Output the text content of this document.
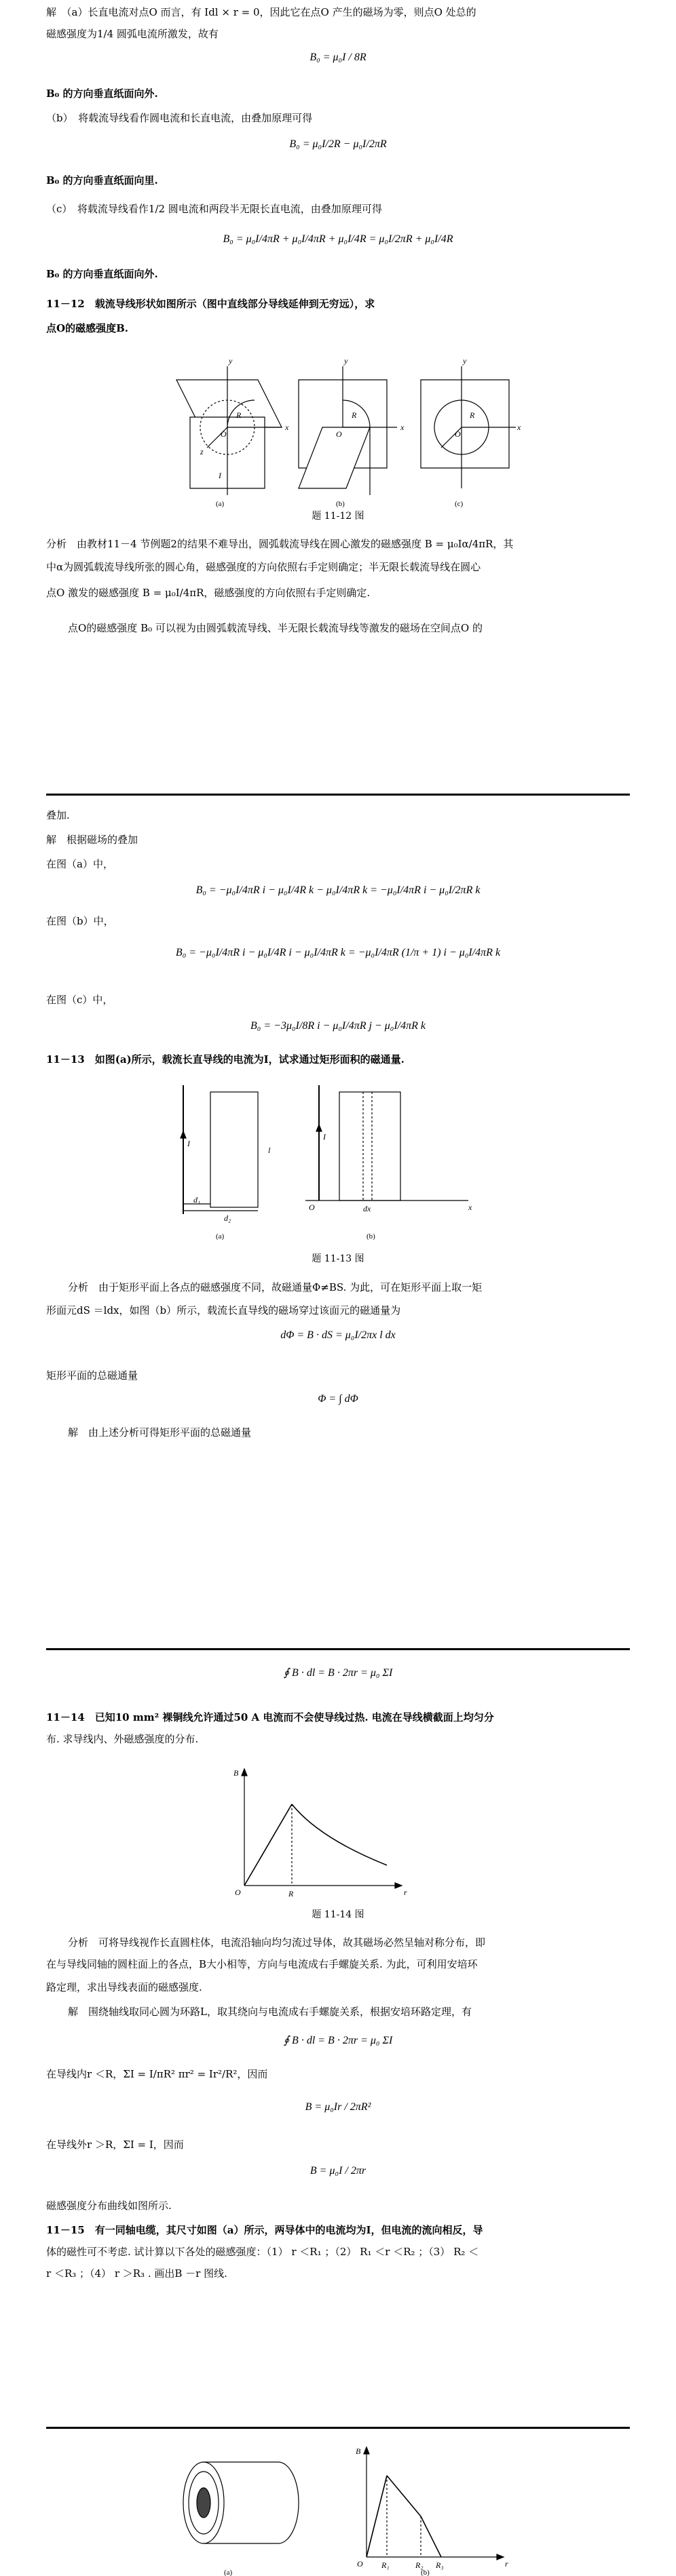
解　（a）长直电流对点O 而言，有 Idl × r = 0，因此它在点O 产生的磁场为零，则点O 处总的
磁感强度为1/4 圆弧电流所激发，故有
B₀ = μ₀I / 8R
B₀ 的方向垂直纸面向外.
（b）　将载流导线看作圆电流和长直电流，由叠加原理可得
B₀ = μ₀I/2R − μ₀I/2πR
B₀ 的方向垂直纸面向里.
（c）　将载流导线看作1/2 圆电流和两段半无限长直电流，由叠加原理可得
B₀ = μ₀I/4πR + μ₀I/4πR + μ₀I/4R = μ₀I/2πR + μ₀I/4R
B₀ 的方向垂直纸面向外.
11－12　载流导线形状如图所示（图中直线部分导线延伸到无穷远），求
点O的磁感强度B.
y
x
z
O
R
I
y
x
O
R
y
x
O
R
(a)	(b)	(c)
题 11-12 图
分析　由教材11－4 节例题2的结果不难导出，圆弧载流导线在圆心激发的磁感强度 B = μ₀Iα/4πR，其
中α为圆弧载流导线所张的圆心角，磁感强度的方向依照右手定则确定；半无限长载流导线在圆心
点O 激发的磁感强度 B = μ₀I/4πR，磁感强度的方向依照右手定则确定.
点O的磁感强度 B₀ 可以视为由圆弧载流导线、半无限长载流导线等激发的磁场在空间点O 的
叠加.
解　根据磁场的叠加
在图（a）中，
B₀ = −μ₀I/4πR i − μ₀I/4R k − μ₀I/4πR k = −μ₀I/4πR i − μ₀I/2πR k
在图（b）中，
B₀ = −μ₀I/4πR i − μ₀I/4R i − μ₀I/4πR k = −μ₀I/4πR (1/π + 1) i − μ₀I/4πR k
在图（c）中，
B₀ = −3μ₀I/8R i − μ₀I/4πR j − μ₀I/4πR k
11－13　如图(a)所示，载流长直导线的电流为I，试求通过矩形面积的磁通量.
I
l
d₁
d₂
I
O	x
dx
(a)	(b)
题 11-13 图
分析　由于矩形平面上各点的磁感强度不同，故磁通量Φ≠BS. 为此，可在矩形平面上取一矩
形面元dS ＝ldx，如图（b）所示，载流长直导线的磁场穿过该面元的磁通量为
dΦ = B · dS = μ₀I/2πx l dx
矩形平面的总磁通量
Φ = ∫ dΦ
解　由上述分析可得矩形平面的总磁通量
∮ B · dl = B · 2πr = μ₀ ΣI
11－14　已知10 mm² 裸铜线允许通过50 A 电流而不会使导线过热. 电流在导线横截面上均匀分
布. 求导线内、外磁感强度的分布.
B
r
O	R
题 11-14 图
分析　可将导线视作长直圆柱体，电流沿轴向均匀流过导体，故其磁场必然呈轴对称分布，即
在与导线同轴的圆柱面上的各点，B大小相等，方向与电流成右手螺旋关系. 为此，可利用安培环
路定理，求出导线表面的磁感强度.
解　围绕轴线取同心圆为环路L，取其绕向与电流成右手螺旋关系，根据安培环路定理，有
∮ B · dl = B · 2πr = μ₀ ΣI
在导线内r ＜R，ΣI = I/πR² πr² = Ir²/R²，因而
B = μ₀Ir / 2πR²
在导线外r ＞R，ΣI = I，因而
B = μ₀I / 2πr
磁感强度分布曲线如图所示.
11－15　有一同轴电缆，其尺寸如图（a）所示，两导体中的电流均为I，但电流的流向相反，导
体的磁性可不考虑. 试计算以下各处的磁感强度：（1） r ＜R₁ ；（2） R₁ ＜r ＜R₂ ；（3） R₂ ＜
r ＜R₃ ；（4） r ＞R₃ . 画出B －r 图线.
B
r
O R₁	R₂ R₃
(a)	(b)
